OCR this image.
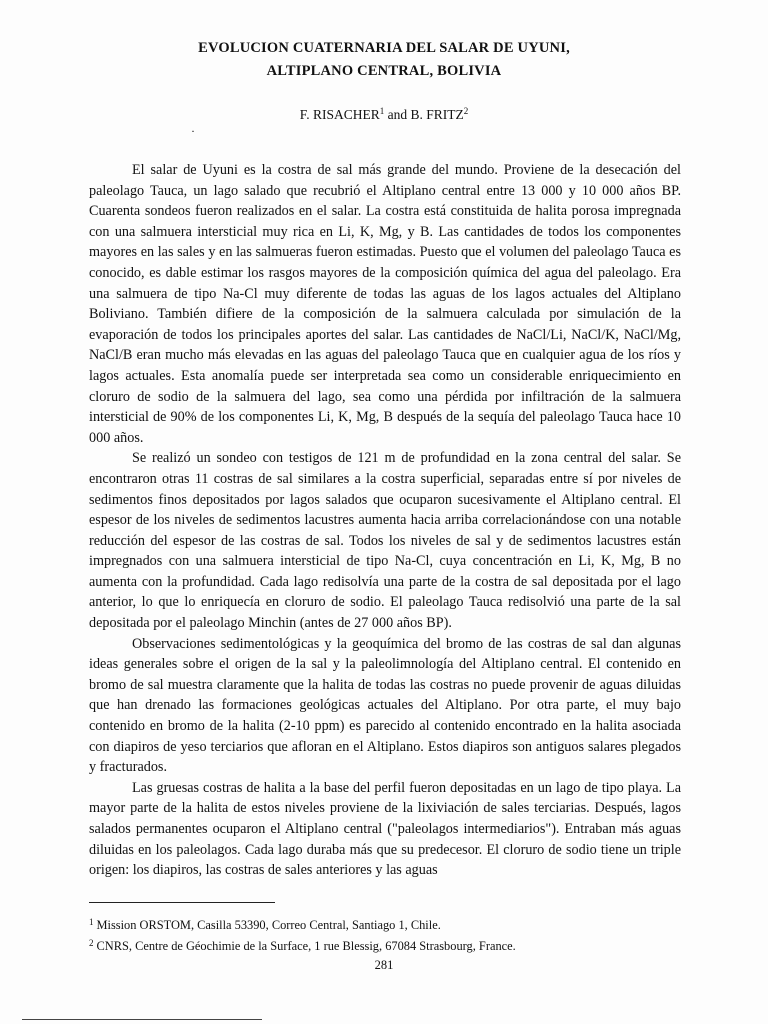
EVOLUCION CUATERNARIA DEL SALAR DE UYUNI,
ALTIPLANO CENTRAL, BOLIVIA
F. RISACHER$^1$ and B. $FRITZ^2$
·

El salar de Uyuni es la costra de sal más grande del mundo. Proviene de la desecación del paleolago Tauca, un lago salado que recubrió el Altiplano central entre 13 000 y 10 000 años BP. Cuarenta sondeos fueron realizados en el salar. La costra está constituida de halita porosa impregnada con una salmuera intersticial muy rica en Li, K, Mg, y B. Las cantidades de todos los componentes mayores en las sales y en las salmueras fueron estimadas. Puesto que el volumen del paleolago Tauca es conocido, es dable estimar los rasgos mayores de la composición química del agua del paleolago. Era una salmuera de tipo Na-Cl muy diferente de todas las aguas de los lagos actuales del Altiplano Boliviano. También difiere de la composición de la salmuera calculada por simulación de la evaporación de todos los principales aportes del salar. Las cantidades de NaCl/Li, NaCl/K, NaCl/Mg, NaCl/B eran mucho más elevadas en las aguas del paleolago Tauca que en cualquier agua de los ríos y lagos actuales. Esta anomalía puede ser interpretada sea como un considerable enriquecimiento en cloruro de sodio de la salmuera del lago, sea como una pérdida por infiltración de la salmuera intersticial de 90% de los componentes Li, K, Mg, B después de la sequía del paleolago Tauca hace 10 000 años.

Se realizó un sondeo con testigos de 121 m de profundidad en la zona central del salar. Se encontraron otras 11 costras de sal similares a la costra superficial, separadas entre sí por niveles de sedimentos finos depositados por lagos salados que ocuparon sucesivamente el Altiplano central. El espesor de los niveles de sedimentos lacustres aumenta hacia arriba correlacionándose con una notable reducción del espesor de las costras de sal. Todos los niveles de sal y de sedimentos lacustres están impregnados con una salmuera intersticial de tipo Na-Cl, cuya concentración en Li, K, Mg, B no aumenta con la profundidad. Cada lago redisolvía una parte de la costra de sal depositada por el lago anterior, lo que lo enriquecía en cloruro de sodio. El paleolago Tauca redisolvió una parte de la sal depositada por el paleolago Minchin (antes de 27 000 años BP).

Observaciones sedimentológicas y la geoquímica del bromo de las costras de sal dan algunas ideas generales sobre el origen de la sal y la paleolimnología del Altiplano central. El contenido en bromo de sal muestra claramente que la halita de todas las costras no puede provenir de aguas diluidas que han drenado las formaciones geológicas actuales del Altiplano. Por otra parte, el muy bajo contenido en bromo de la halita (2-10 ppm) es parecido al contenido encontrado en la halita asociada con diapiros de yeso terciarios que afloran en el Altiplano. Estos diapiros son antiguos salares plegados y fracturados.

Las gruesas costras de halita a la base del perfil fueron depositadas en un lago de tipo playa. La mayor parte de la halita de estos niveles proviene de la lixiviación de sales terciarias. Después, lagos salados permanentes ocuparon el Altiplano central ("paleolagos intermediarios"). Entraban más aguas diluidas en los paleolagos. Cada lago duraba más que su predecesor. El cloruro de sodio tiene un triple origen: los diapiros, las costras de sales anteriores y las aguas

$^1$ Mission ORSTOM, Casilla 53390, Correo Central, Santiago 1, Chile.
$^2$ CNRS, Centre de Géochimie de la Surface, 1 rue Blessig, 67084 Strasbourg, France.
281
